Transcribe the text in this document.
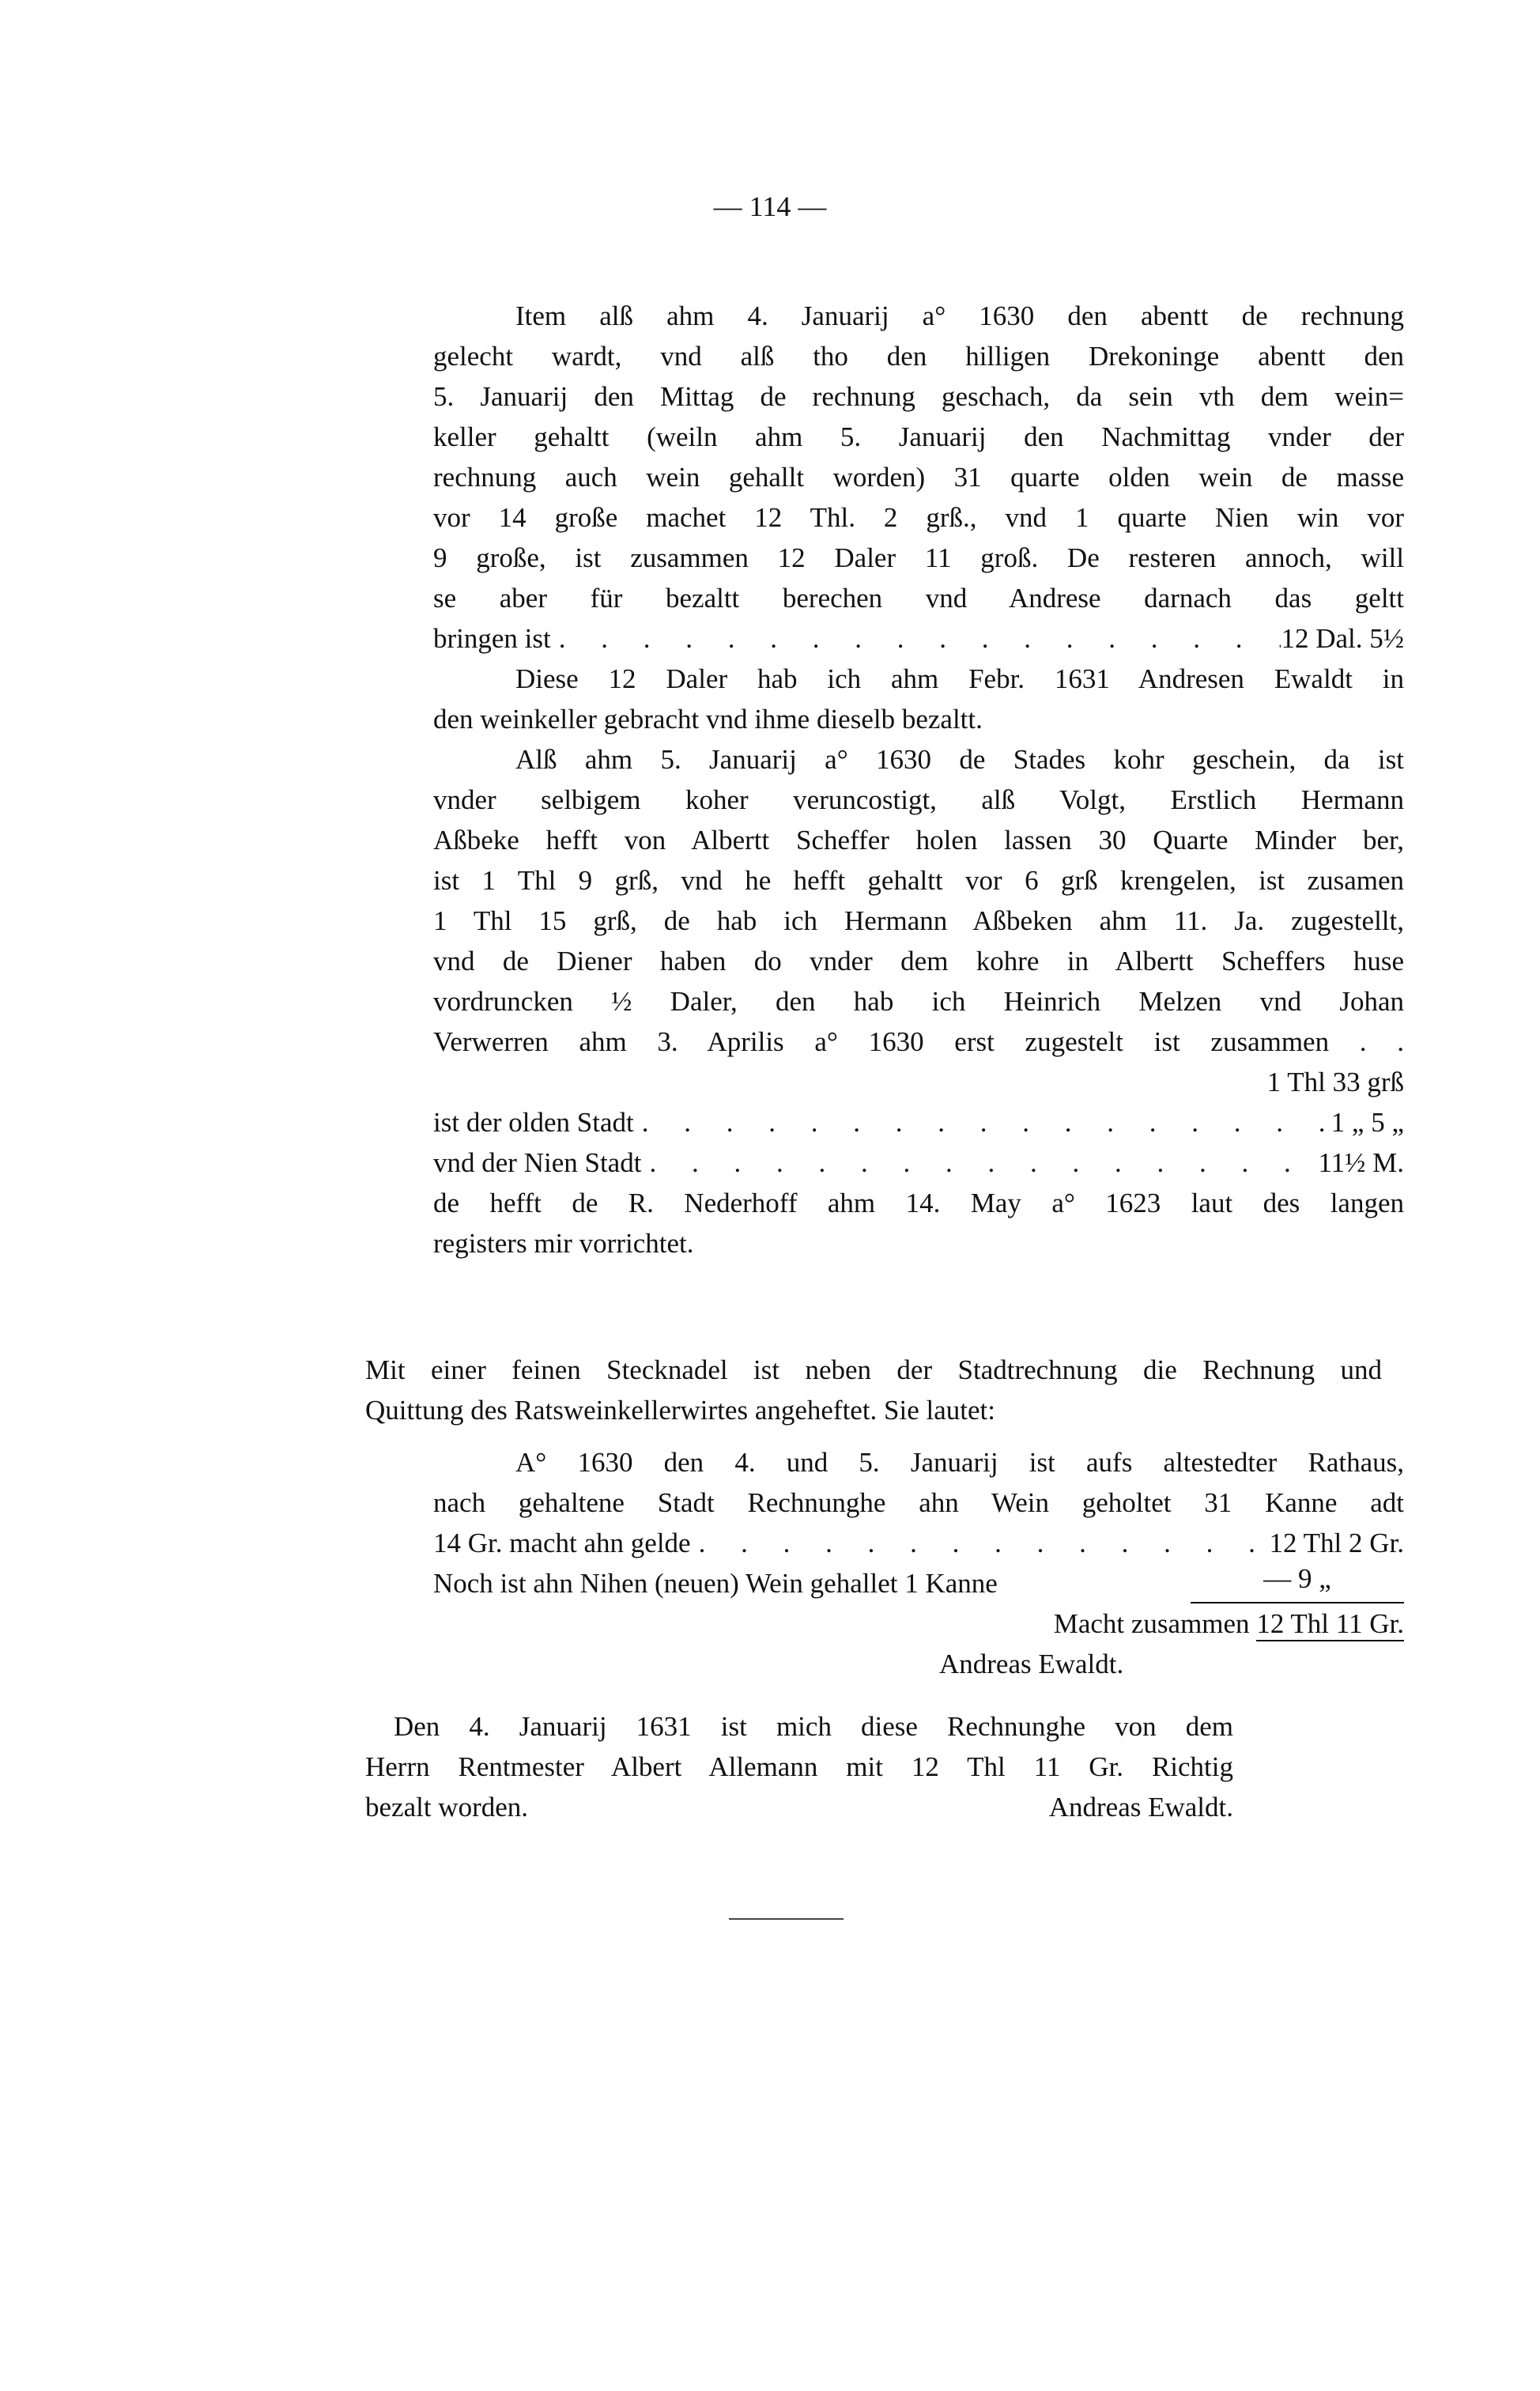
— 114 —
Item alß ahm 4. Januarij a° 1630 den abentt de rechnung
gelecht wardt, vnd alß tho den hilligen Drekoninge abentt den
5. Januarij den Mittag de rechnung geschach, da sein vth dem wein=
keller gehaltt (weiln ahm 5. Januarij den Nachmittag vnder der
rechnung auch wein gehallt worden) 31 quarte olden wein de masse
vor 14 große machet 12 Thl. 2 grß., vnd 1 quarte Nien win vor
9 große, ist zusammen 12 Daler 11 groß. De resteren annoch, will
se aber für bezaltt berechen vnd Andrese darnach das geltt
bringen ist . . .	12 Dal. 5½
Diese 12 Daler hab ich ahm Febr. 1631 Andresen Ewaldt in
den weinkeller gebracht vnd ihme dieselb bezaltt.
Alß ahm 5. Januarij a° 1630 de Stades kohr geschein, da ist
vnder selbigem koher veruncostigt, alß Volgt, Erstlich Hermann
Aßbeke hefft von Albertt Scheffer holen lassen 30 Quarte Minder ber,
ist 1 Thl 9 grß, vnd he hefft gehaltt vor 6 grß krengelen, ist zusamen
1 Thl 15 grß, de hab ich Hermann Aßbeken ahm 11. Ja. zugestellt,
vnd de Diener haben do vnder dem kohre in Albertt Scheffers huse
vordruncken ½ Daler, den hab ich Heinrich Melzen vnd Johan
Verwerren ahm 3. Aprilis a° 1630 erst zugestelt ist zusammen . .
1 Thl 33 grß
ist der olden Stadt . . .	1 „ 5 „
vnd der Nien Stadt . . .	11½ M.
de hefft de R. Nederhoff ahm 14. May a° 1623 laut des langen
registers mir vorrichtet.
Mit einer feinen Stecknadel ist neben der Stadtrechnung die Rechnung und
Quittung des Ratsweinkellerwirtes angeheftet. Sie lautet:
A° 1630 den 4. und 5. Januarij ist aufs altestedter Rathaus,
nach gehaltene Stadt Rechnunghe ahn Wein geholtet 31 Kanne adt
14 Gr. macht ahn gelde . . .	12 Thl 2 Gr.
Noch ist ahn Nihen (neuen) Wein gehallet 1 Kanne	— 9 „
Macht zusammen 12 Thl 11 Gr.
Andreas Ewaldt.
Den 4. Januarij 1631 ist mich diese Rechnunghe von dem
Herrn Rentmester Albert Allemann mit 12 Thl 11 Gr. Richtig
bezalt worden.	Andreas Ewaldt.
